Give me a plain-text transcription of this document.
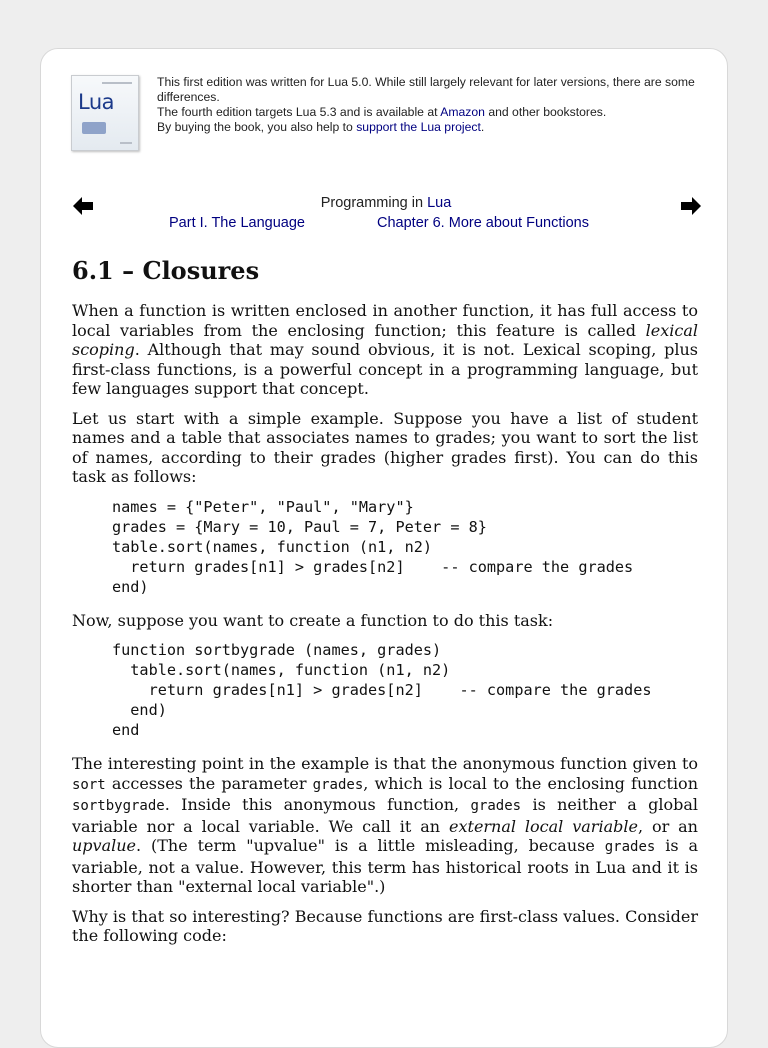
Lua

This first edition was written for Lua 5.0. While still largely relevant for later versions, there are some differences.

The fourth edition targets Lua 5.3 and is available at Amazon and other bookstores.

By buying the book, you also help to support the Lua project.

Programming in Lua
Part I. The Language	Chapter 6. More about Functions
6.1 – Closures

When a function is written enclosed in another function, it has full access to local variables from the enclosing function; this feature is called lexical scoping. Although that may sound obvious, it is not. Lexical scoping, plus first-class functions, is a powerful concept in a programming language, but few languages support that concept.

Let us start with a simple example. Suppose you have a list of student names and a table that associates names to grades; you want to sort the list of names, according to their grades (higher grades first). You can do this task as follows:

names = {"Peter", "Paul", "Mary"}
grades = {Mary = 10, Paul = 7, Peter = 8}
table.sort(names, function (n1, n2)
return grades[n1] > grades[n2]    -- compare the grades
end)

Now, suppose you want to create a function to do this task:

function sortbygrade (names, grades)
table.sort(names, function (n1, n2)
return grades[n1] > grades[n2]    -- compare the grades
end)
end

The interesting point in the example is that the anonymous function given to sort accesses the parameter grades, which is local to the enclosing function sortbygrade. Inside this anonymous function, grades is neither a global variable nor a local variable. We call it an external local variable, or an upvalue. (The term "upvalue" is a little misleading, because grades is a variable, not a value. However, this term has historical roots in Lua and it is shorter than "external local variable".)

Why is that so interesting? Because functions are first-class values. Consider the following code:
